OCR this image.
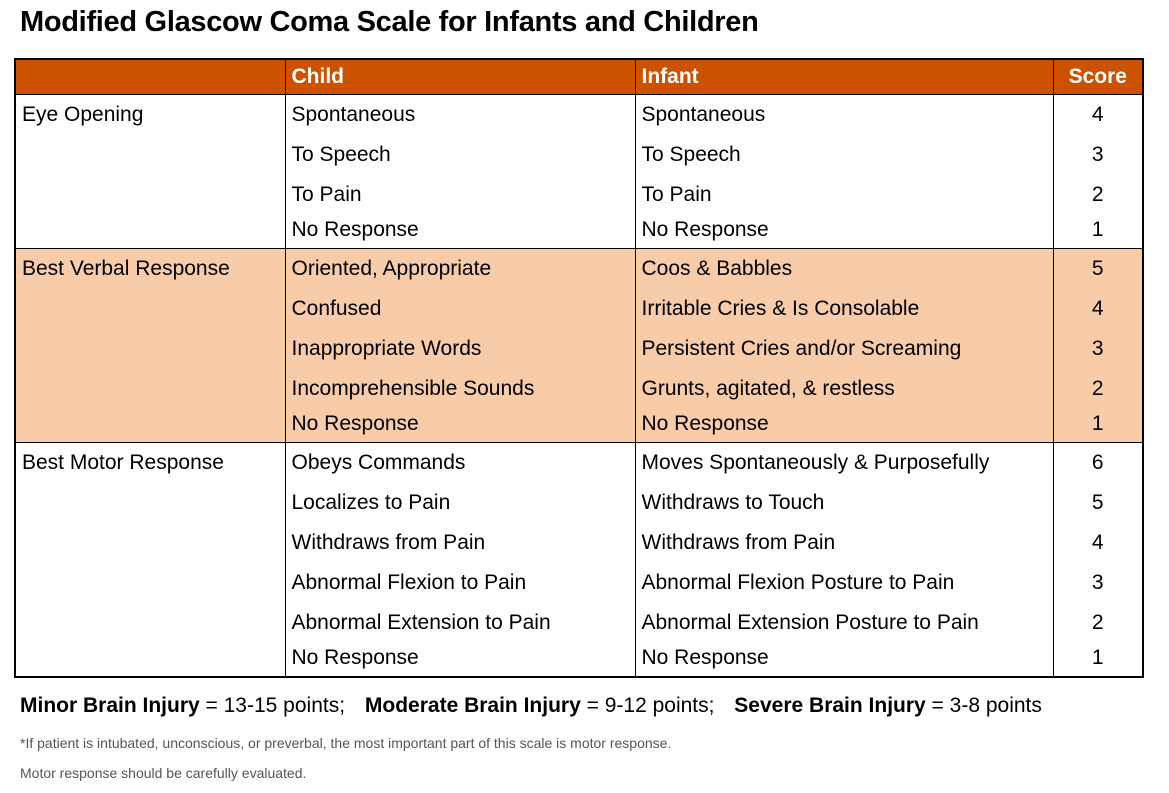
Modified Glascow Coma Scale for Infants and Children
	Child	Infant	Score
Eye Opening	Spontaneous	Spontaneous	4
	To Speech	To Speech	3
	To Pain	To Pain	2
	No Response	No Response	1
Best Verbal Response	Oriented, Appropriate	Coos & Babbles	5
	Confused	Irritable Cries & Is Consolable	4
	Inappropriate Words	Persistent Cries and/or Screaming	3
	Incomprehensible Sounds	Grunts, agitated, & restless	2
	No Response	No Response	1
Best Motor Response	Obeys Commands	Moves Spontaneously & Purposefully	6
	Localizes to Pain	Withdraws to Touch	5
	Withdraws from Pain	Withdraws from Pain	4
	Abnormal Flexion to Pain	Abnormal Flexion Posture to Pain	3
	Abnormal Extension to Pain	Abnormal Extension Posture to Pain	2
	No Response	No Response	1
Minor Brain Injury = 13-15 points; Moderate Brain Injury = 9-12 points; Severe Brain Injury = 3-8 points
*If patient is intubated, unconscious, or preverbal, the most important part of this scale is motor response.
Motor response should be carefully evaluated.
